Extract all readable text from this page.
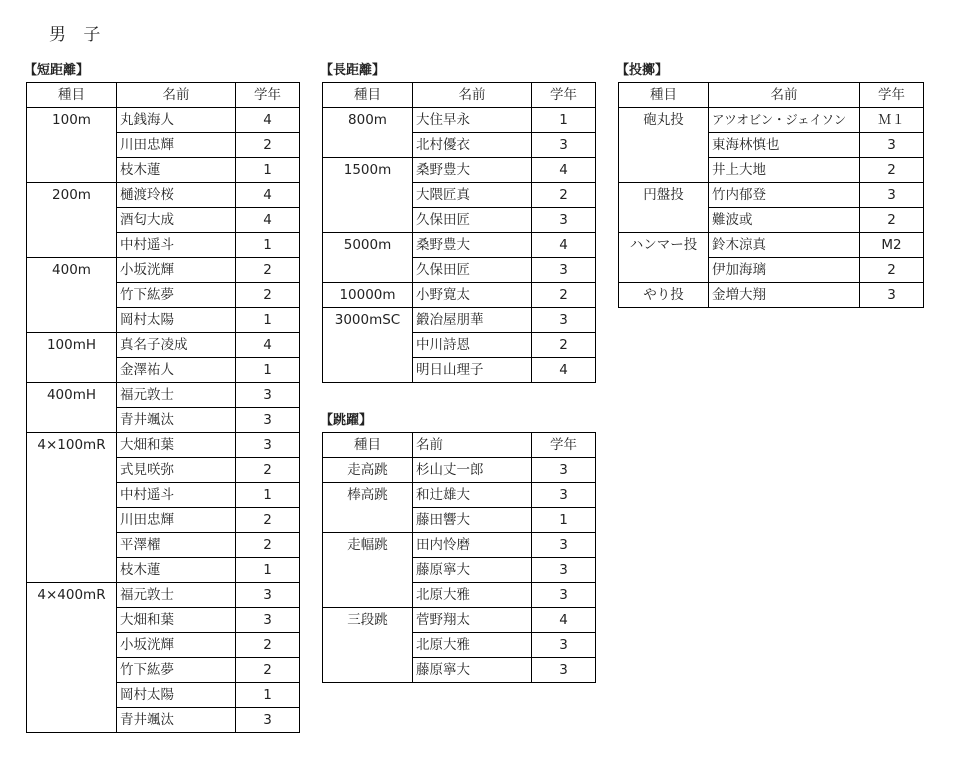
男 子
【短距離】
種目	名前	学年
100m	丸銭海人	4
	川田忠輝	2
	枝木蓮	1
200m	樋渡玲桜	4
	酒匂大成	4
	中村遥斗	1
400m	小坂洸輝	2
	竹下紘夢	2
	岡村太陽	1
100mH	真名子凌成	4
	金澤祐人	1
400mH	福元敦士	3
	青井颯汰	3
4×100mR	大畑和葉	3
	式見咲弥	2
	中村遥斗	1
	川田忠輝	2
	平澤櫂	2
	枝木蓮	1
4×400mR	福元敦士	3
	大畑和葉	3
	小坂洸輝	2
	竹下紘夢	2
	岡村太陽	1
	青井颯汰	3
【長距離】
種目	名前	学年
800m	大住早永	1
	北村優衣	3
1500m	桑野豊大	4
	大隈匠真	2
	久保田匠	3
5000m	桑野豊大	4
	久保田匠	3
10000m	小野寛太	2
3000mSC	鍛冶屋朋華	3
	中川詩恩	2
	明日山理子	4
【跳躍】
種目	名前	学年
走高跳	杉山丈一郎	3
棒高跳	和辻雄大	3
	藤田響大	1
走幅跳	田内怜磨	3
	藤原寧大	3
	北原大雅	3
三段跳	菅野翔太	4
	北原大雅	3
	藤原寧大	3
【投擲】
種目	名前	学年
砲丸投	アツオビン・ジェイソン	Ｍ１
	東海林慎也	3
	井上大地	2
円盤投	竹内郁登	3
	難波或	2
ハンマー投	鈴木涼真	M2
	伊加海璃	2
やり投	金増大翔	3
